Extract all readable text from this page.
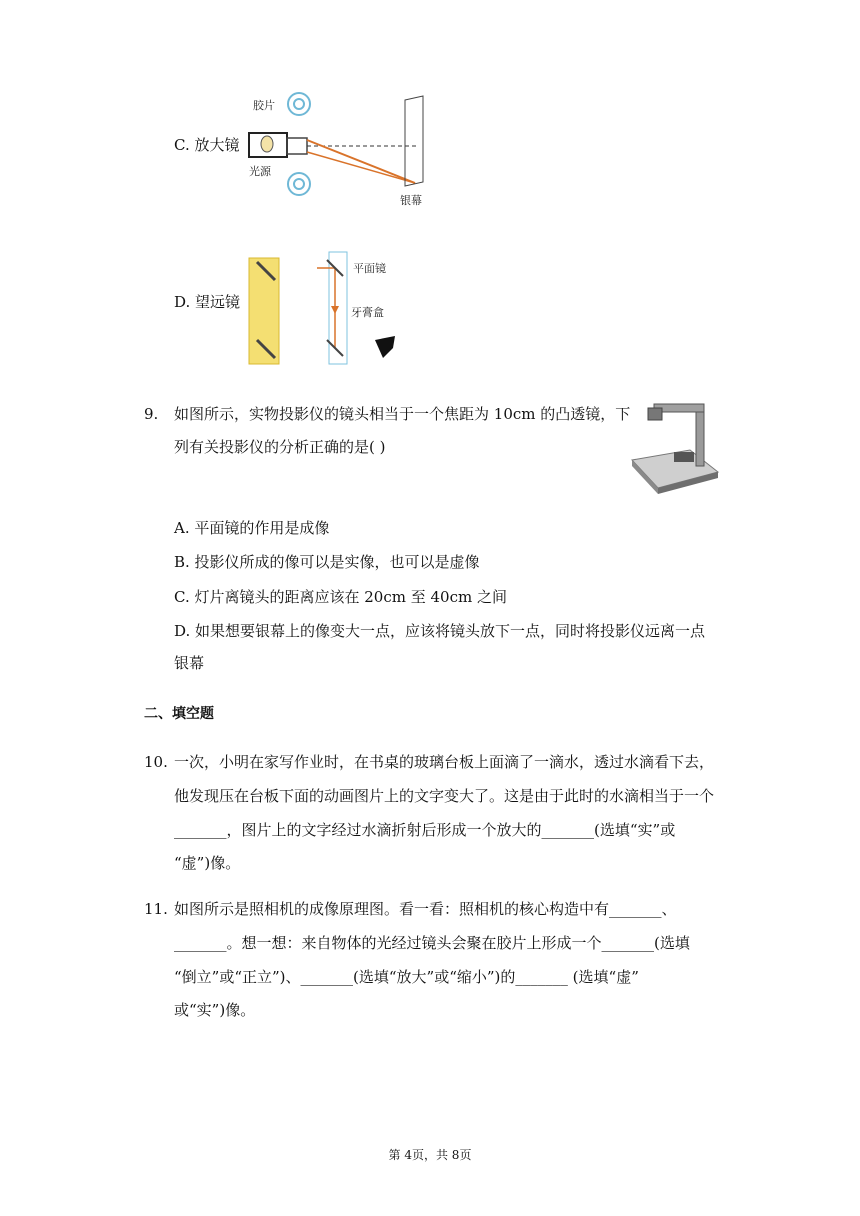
C. 放大镜
胶片
光源
银幕
D. 望远镜
平面镜
牙膏盒
9. 如图所示，实物投影仪的镜头相当于一个焦距为 10cm 的凸透镜，下
列有关投影仪的分析正确的是( )
A. 平面镜的作用是成像
B. 投影仪所成的像可以是实像，也可以是虚像
C. 灯片离镜头的距离应该在 20cm 至 40cm 之间
D. 如果想要银幕上的像变大一点，应该将镜头放下一点，同时将投影仪远离一点
银幕
二、填空题
10. 一次，小明在家写作业时，在书桌的玻璃台板上面滴了一滴水，透过水滴看下去，
他发现压在台板下面的动画图片上的文字变大了。这是由于此时的水滴相当于一个
_______，图片上的文字经过水滴折射后形成一个放大的_______(选填“实”或
“虚”)像。
11. 如图所示是照相机的成像原理图。看一看：照相机的核心构造中有_______、
_______。想一想：来自物体的光经过镜头会聚在胶片上形成一个_______(选填
“倒立”或“正立”)、_______(选填“放大”或“缩小”)的_______ (选填“虚”
或“实”)像。
第 4页，共 8页
